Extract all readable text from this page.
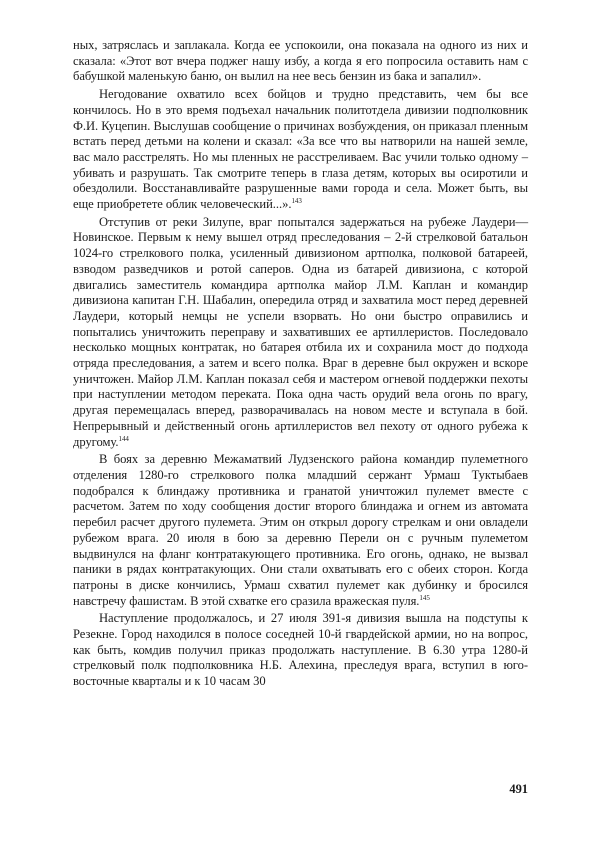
ных, затряслась и заплакала. Когда ее успокоили, она показала на одного из них и сказала: «Этот вот вчера поджег нашу избу, а когда я его попросила оставить нам с бабушкой маленькую баню, он вылил на нее весь бензин из бака и запалил».

Негодование охватило всех бойцов и трудно представить, чем бы все кончилось. Но в это время подъехал начальник политотдела дивизии подполковник Ф.И. Куцепин. Выслушав сообщение о причинах возбуждения, он приказал пленным встать перед детьми на колени и сказал: «За все что вы натворили на нашей земле, вас мало расстрелять. Но мы пленных не расстреливаем. Вас учили только одному – убивать и разрушать. Так смотрите теперь в глаза детям, которых вы осиротили и обездолили. Восстанавливайте разрушенные вами города и села. Может быть, вы еще приобретете облик человеческий...».$^{143}$

Отступив от реки Зилупе, враг попытался задержаться на рубеже Лаудери—Новинское. Первым к нему вышел отряд преследования – 2-й стрелковой батальон 1024-го стрелкового полка, усиленный дивизионом артполка, полковой батареей, взводом разведчиков и ротой саперов. Одна из батарей дивизиона, с которой двигались заместитель командира артполка майор Л.М. Каплан и командир дивизиона капитан Г.Н. Шабалин, опередила отряд и захватила мост перед деревней Лаудери, который немцы не успели взорвать. Но они быстро оправились и попытались уничтожить переправу и захвативших ее артиллеристов. Последовало несколько мощных контратак, но батарея отбила их и сохранила мост до подхода отряда преследования, а затем и всего полка. Враг в деревне был окружен и вскоре уничтожен. Майор Л.М. Каплан показал себя и мастером огневой поддержки пехоты при наступлении методом переката. Пока одна часть орудий вела огонь по врагу, другая перемещалась вперед, разворачивалась на новом месте и вступала в бой. Непрерывный и действенный огонь артиллеристов вел пехоту от одного рубежа к другому.$^{144}$

В боях за деревню Межаматвий Лудзенского района командир пулеметного отделения 1280-го стрелкового полка младший сержант Урмаш Туктыбаев подобрался к блиндажу противника и гранатой уничтожил пулемет вместе с расчетом. Затем по ходу сообщения достиг второго блиндажа и огнем из автомата перебил расчет другого пулемета. Этим он открыл дорогу стрелкам и они овладели рубежом врага. 20 июля в бою за деревню Перели он с ручным пулеметом выдвинулся на фланг контратакующего противника. Его огонь, однако, не вызвал паники в рядах контратакующих. Они стали охватывать его с обеих сторон. Когда патроны в диске кончились, Урмаш схватил пулемет как дубинку и бросился навстречу фашистам. В этой схватке его сразила вражеская пуля.$^{145}$

Наступление продолжалось, и 27 июля 391-я дивизия вышла на подступы к Резекне. Город находился в полосе соседней 10-й гвардейской армии, но на вопрос, как быть, комдив получил приказ продолжать наступление. В 6.30 утра 1280-й стрелковый полк подполковника Н.Б. Алехина, преследуя врага, вступил в юго-восточные кварталы и к 10 часам 30

491
